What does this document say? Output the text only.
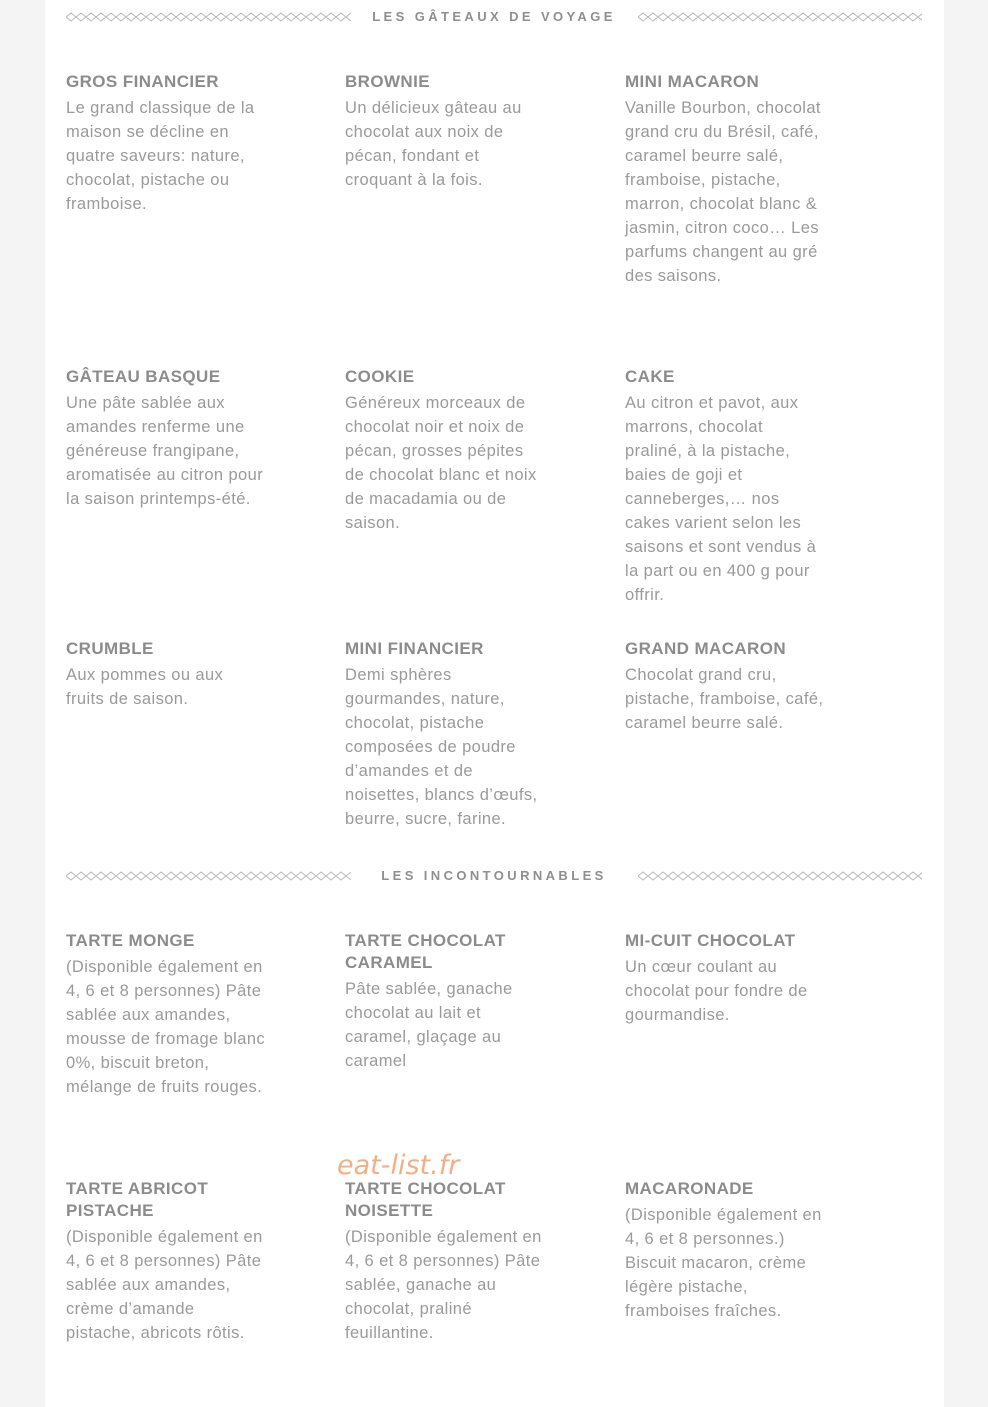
LES GÂTEAUX DE VOYAGE

GROS FINANCIER

Le grand classique de la maison se décline en quatre saveurs: nature, chocolat, pistache ou framboise.

BROWNIE

Un délicieux gâteau au chocolat aux noix de pécan, fondant et croquant à la fois.

MINI MACARON

Vanille Bourbon, chocolat grand cru du Brésil, café, caramel beurre salé, framboise, pistache, marron, chocolat blanc & jasmin, citron coco… Les parfums changent au gré des saisons.

GÂTEAU BASQUE

Une pâte sablée aux amandes renferme une généreuse frangipane, aromatisée au citron pour la saison printemps-été.

COOKIE

Généreux morceaux de chocolat noir et noix de pécan, grosses pépites de chocolat blanc et noix de macadamia ou de saison.

CAKE

Au citron et pavot, aux marrons, chocolat praliné, à la pistache, baies de goji et canneberges,… nos cakes varient selon les saisons et sont vendus à la part ou en 400 g pour offrir.

CRUMBLE

Aux pommes ou aux fruits de saison.

MINI FINANCIER

Demi sphères gourmandes, nature, chocolat, pistache composées de poudre d’amandes et de noisettes, blancs d’œufs, beurre, sucre, farine.

GRAND MACARON

Chocolat grand cru, pistache, framboise, café, caramel beurre salé.

LES INCONTOURNABLES

TARTE MONGE

(Disponible également en 4, 6 et 8 personnes) Pâte sablée aux amandes, mousse de fromage blanc 0%, biscuit breton, mélange de fruits rouges.

TARTE CHOCOLAT CARAMEL

Pâte sablée, ganache chocolat au lait et caramel, glaçage au caramel

MI-CUIT CHOCOLAT

Un cœur coulant au chocolat pour fondre de gourmandise.

TARTE ABRICOT PISTACHE

(Disponible également en 4, 6 et 8 personnes) Pâte sablée aux amandes, crème d’amande pistache, abricots rôtis.

TARTE CHOCOLAT NOISETTE

(Disponible également en 4, 6 et 8 personnes) Pâte sablée, ganache au chocolat, praliné feuillantine.

MACARONADE

(Disponible également en 4, 6 et 8 personnes.) Biscuit macaron, crème légère pistache, framboises fraîches.

eat-list.fr
